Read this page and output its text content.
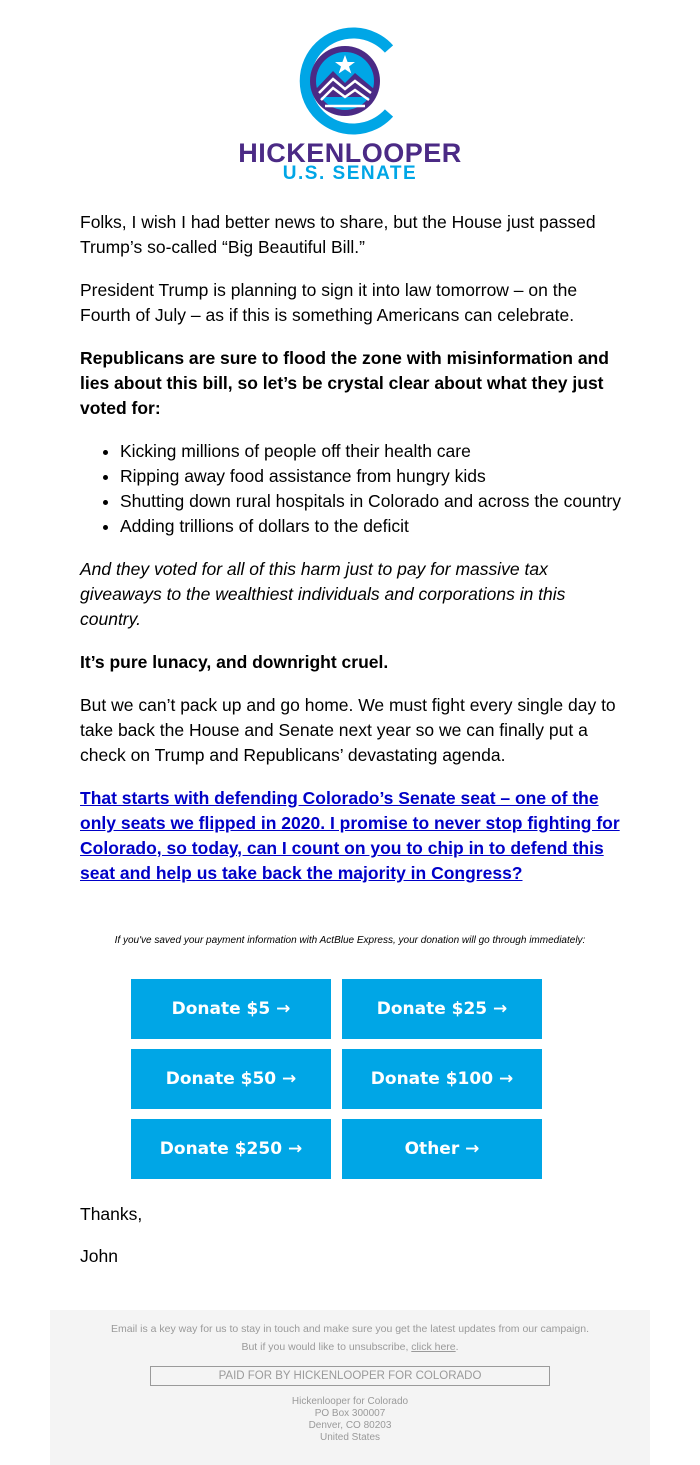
HICKENLOOPER
U.S. SENATE

Folks, I wish I had better news to share, but the House just passed Trump’s so-called “Big Beautiful Bill.”

President Trump is planning to sign it into law tomorrow – on the Fourth of July – as if this is something Americans can celebrate.

Republicans are sure to flood the zone with misinformation and lies about this bill, so let’s be crystal clear about what they just voted for:

• Kicking millions of people off their health care
• Ripping away food assistance from hungry kids
• Shutting down rural hospitals in Colorado and across the country
• Adding trillions of dollars to the deficit

And they voted for all of this harm just to pay for massive tax giveaways to the wealthiest individuals and corporations in this country.

It’s pure lunacy, and downright cruel.

But we can’t pack up and go home. We must fight every single day to take back the House and Senate next year so we can finally put a check on Trump and Republicans’ devastating agenda.

That starts with defending Colorado’s Senate seat – one of the only seats we flipped in 2020. I promise to never stop fighting for Colorado, so today, can I count on you to chip in to defend this seat and help us take back the majority in Congress?

If you've saved your payment information with ActBlue Express, your donation will go through immediately:
Donate $5 →	Donate $25 →
Donate $50 →	Donate $100 →
Donate $250 →	Other →
Thanks,
John
Email is a key way for us to stay in touch and make sure you get the latest updates from our campaign.
But if you would like to unsubscribe, click here.
PAID FOR BY HICKENLOOPER FOR COLORADO
Hickenlooper for Colorado
PO Box 300007
Denver, CO 80203
United States
